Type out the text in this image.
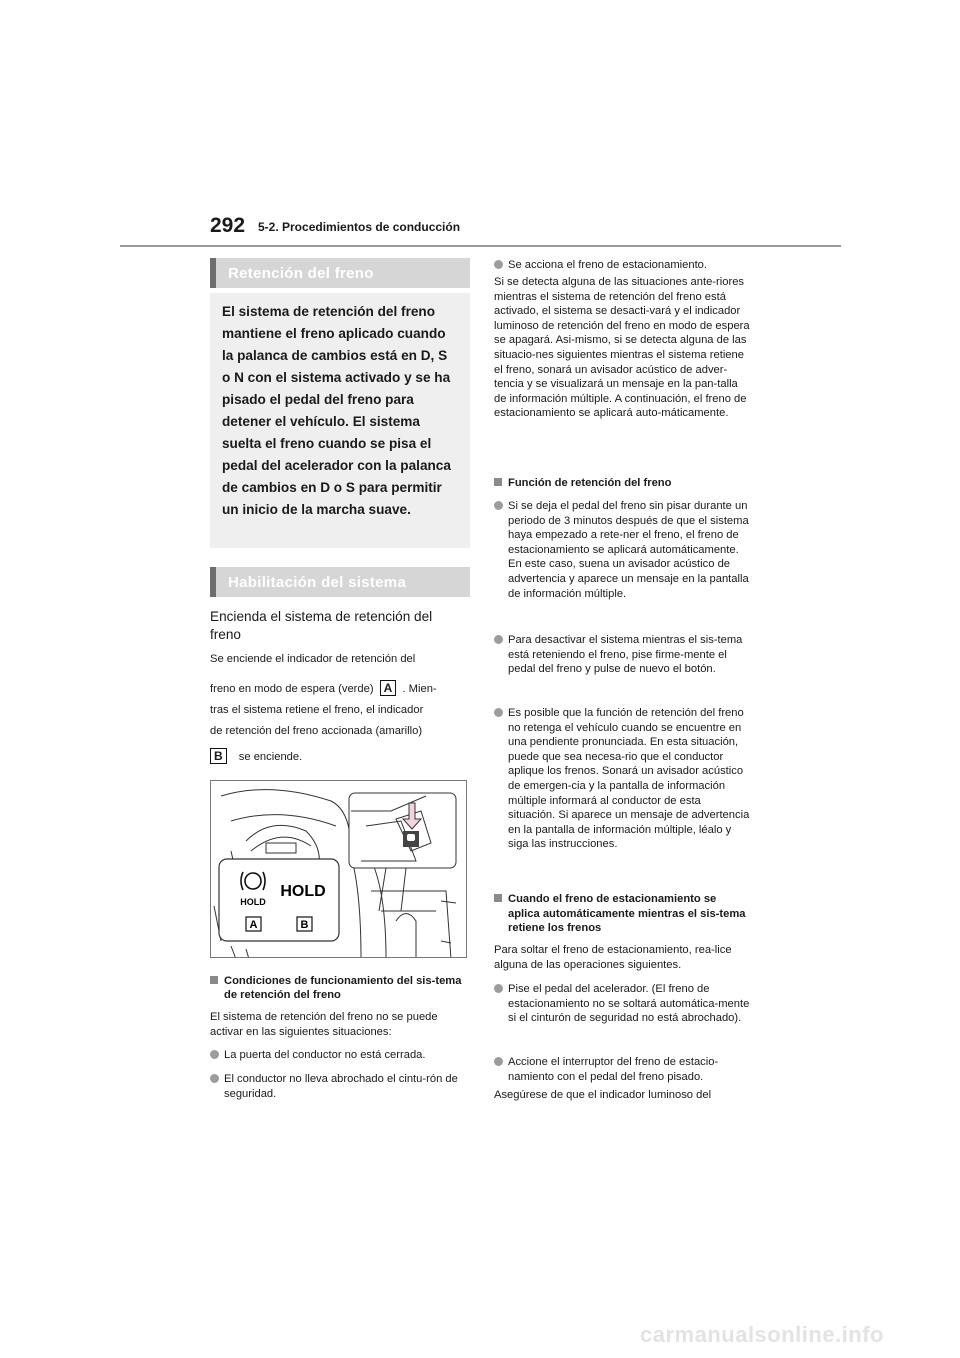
292 5-2. Procedimientos de conducción
Retención del freno
El sistema de retención del freno mantiene el freno aplicado cuando la palanca de cambios está en D, S o N con el sistema activado y se ha pisado el pedal del freno para detener el vehículo. El sistema suelta el freno cuando se pisa el pedal del acelerador con la palanca de cambios en D o S para permitir un inicio de la marcha suave.
Habilitación del sistema
Encienda el sistema de retención del
freno
Se enciende el indicador de retención del
freno en modo de espera (verde) A . Mien-
tras el sistema retiene el freno, el indicador
de retención del freno accionada (amarillo)
B se enciende.
HOLD
HOLD
A	B
Condiciones de funcionamiento del sis-tema de retención del freno
El sistema de retención del freno no se puede activar en las siguientes situaciones:
La puerta del conductor no está cerrada.
El conductor no lleva abrochado el cintu-rón de seguridad.
Se acciona el freno de estacionamiento.
Si se detecta alguna de las situaciones ante-riores mientras el sistema de retención del freno está activado, el sistema se desacti-vará y el indicador luminoso de retención del freno en modo de espera se apagará. Asi-mismo, si se detecta alguna de las situacio-nes siguientes mientras el sistema retiene el freno, sonará un avisador acústico de adver-tencia y se visualizará un mensaje en la pan-talla de información múltiple. A continuación, el freno de estacionamiento se aplicará auto-máticamente.
Función de retención del freno
Si se deja el pedal del freno sin pisar durante un periodo de 3 minutos después de que el sistema haya empezado a rete-ner el freno, el freno de estacionamiento se aplicará automáticamente. En este caso, suena un avisador acústico de advertencia y aparece un mensaje en la pantalla de información múltiple.
Para desactivar el sistema mientras el sis-tema está reteniendo el freno, pise firme-mente el pedal del freno y pulse de nuevo el botón.
Es posible que la función de retención del freno no retenga el vehículo cuando se encuentre en una pendiente pronunciada. En esta situación, puede que sea necesa-rio que el conductor aplique los frenos. Sonará un avisador acústico de emergen-cia y la pantalla de información múltiple informará al conductor de esta situación. Si aparece un mensaje de advertencia en la pantalla de información múltiple, léalo y siga las instrucciones.
Cuando el freno de estacionamiento se aplica automáticamente mientras el sis-tema retiene los frenos
Para soltar el freno de estacionamiento, rea-lice alguna de las operaciones siguientes.
Pise el pedal del acelerador. (El freno de estacionamiento no se soltará automática-mente si el cinturón de seguridad no está abrochado).
Accione el interruptor del freno de estacio-namiento con el pedal del freno pisado.
Asegúrese de que el indicador luminoso del
carmanualsonline.info
